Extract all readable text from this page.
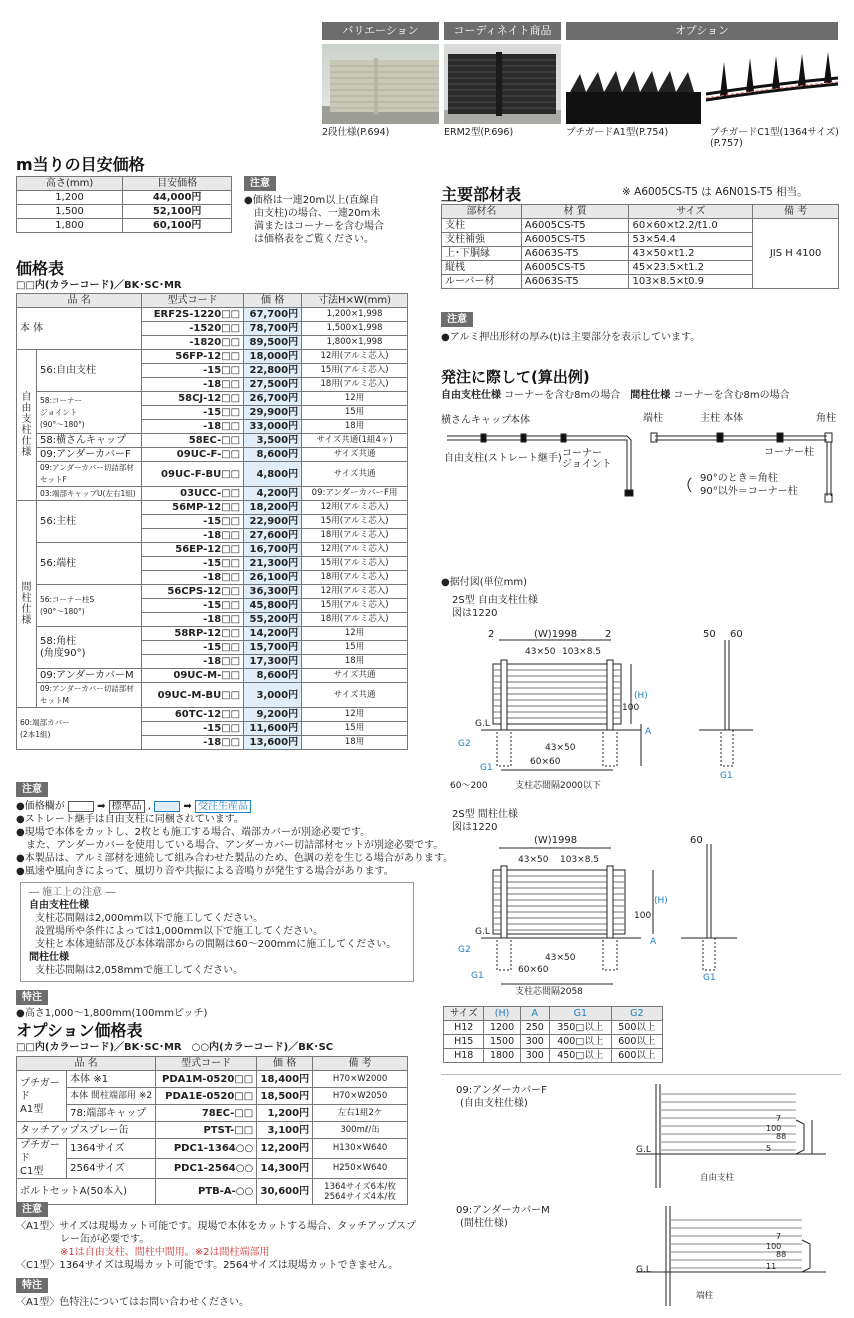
バリエーション	コーディネイト商品	オプション
2段仕様(P.694)	ERM2型(P.696)	プチガードA1型(P.754)	プチガードC1型(1364サイズ)
(P.757)
m当りの目安価格
高さ(mm)	目安価格
1,200	44,000円
1,500	52,100円
1,800	60,100円
注意

●価格は一連20m以上(直線自

由支柱)の場合、一連20m未

満またはコーナーを含む場合

は価格表をご覧ください。

価格表
□□内(カラーコード)／BK･SC･MR
品 名		型式コード	価 格	寸法H×W(mm)
本 体		ERF2S-1220□□	67,700円	1,200×1,998
		-1520□□	78,700円	1,500×1,998
		-1820□□	89,500円	1,800×1,998
自由支柱仕様	56:自由支柱	56FP-12□□	18,000円	12用(アルミ芯入)
		-15□□	22,800円	15用(アルミ芯入)
		-18□□	27,500円	18用(アルミ芯入)
	58:コーナー
ジョイント
(90°～180°)	58CJ-12□□	26,700円	12用
		-15□□	29,900円	15用
		-18□□	33,000円	18用
	58:横さんキャップ	58EC-□□	3,500円	サイズ共通(1組4ヶ)
	09:アンダーカバーF	09UC-F-□□	8,600円	サイズ共通
	09:アンダーカバー切詰部材セットF	09UC-F-BU□□	4,800円	サイズ共通
	03:端部キャップU(左右1組)	03UCC-□□	4,200円	09:アンダーカバーF用
間柱仕様	56:主柱	56MP-12□□	18,200円	12用(アルミ芯入)
		-15□□	22,900円	15用(アルミ芯入)
		-18□□	27,600円	18用(アルミ芯入)
	56:端柱	56EP-12□□	16,700円	12用(アルミ芯入)
		-15□□	21,300円	15用(アルミ芯入)
		-18□□	26,100円	18用(アルミ芯入)
	56:コーナー柱S
(90°～180°)	56CPS-12□□	36,300円	12用(アルミ芯入)
		-15□□	45,800円	15用(アルミ芯入)
		-18□□	55,200円	18用(アルミ芯入)
	58:角柱
(角度90°)	58RP-12□□	14,200円	12用
		-15□□	15,700円	15用
		-18□□	17,300円	18用
	09:アンダーカバーM	09UC-M-□□	8,600円	サイズ共通
	09:アンダーカバー切詰部材セットM	09UC-M-BU□□	3,000円	サイズ共通
60:端部カバー
(2本1組)		60TC-12□□	9,200円	12用
		-15□□	11,600円	15用
		-18□□	13,600円	18用
注意

●価格欄が	➡ 標準品 ,	➡ 受注生産品

●ストレート継手は自由支柱に同梱されています。

●現場で本体をカットし、2枚とも施工する場合、端部カバーが別途必要です。

また、アンダーカバーを使用している場合、アンダーカバー切詰部材セットが別途必要です。

●本製品は、アルミ部材を連続して組み合わせた製品のため、色調の差を生じる場合があります。

●風速や風向きによって、風切り音や共振による音鳴りが発生する場合があります。

― 施工上の注意 ―

自由支柱仕様

支柱芯間隔は2,000mm以下で施工してください。

設置場所や条件によっては1,000mm以下で施工してください。

支柱と本体連結部及び本体端部からの間隔は60～200mmに施工してください。

間柱仕様

支柱芯間隔は2,058mmで施工してください。

特注
●高さ1,000～1,800mm(100mmピッチ)
オプション価格表
□□内(カラーコード)／BK･SC･MR　○○内(カラーコード)／BK･SC
品 名		型式コード	価 格	備 考
プチガード
A1型	本体 ※1	PDA1M-0520□□	18,400円	H70×W2000
	本体 間柱端部用 ※2	PDA1E-0520□□	18,500円	H70×W2050
	78:端部キャップ	78EC-□□	1,200円	左右1組2ケ
タッチアップスプレー缶		PTST-□□	3,100円	300mℓ/缶
プチガード
C1型	1364サイズ	PDC1-1364○○	12,200円	H130×W640
	2564サイズ	PDC1-2564○○	14,300円	H250×W640
ボルトセットA(50本入)		PTB-A-○○	30,600円	1364サイズ6本/枚
2564サイズ4本/枚
注意

〈A1型〉サイズは現場カット可能です。現場で本体をカットする場合、タッチアップスプ

レー缶が必要です。

※1は自由支柱、間柱中間用。※2は間柱端部用

〈C1型〉1364サイズは現場カット可能です。2564サイズは現場カットできません。

特注
〈A1型〉色特注についてはお問い合わせください。
主要部材表	※ A6005CS-T5 は A6N01S-T5 相当。
部材名	材 質	サイズ	備 考
支柱	A6005CS-T5	60×60×t2.2/t1.0	JIS H 4100
支柱補強	A6005CS-T5	53×54.4	
上･下胴縁	A6063S-T5	43×50×t1.2	
縦桟	A6005CS-T5	45×23.5×t1.2	
ルーバー材	A6063S-T5	103×8.5×t0.9	
注意
●アルミ押出形材の厚み(t)は主要部分を表示しています。
発注に際して(算出例)
自由支柱仕様 コーナーを含む8mの場合　 間柱仕様 コーナーを含む8mの場合
横さんキャップ 本体
自由支柱(ストレート継手) コーナー
ジョイント
端柱	主柱 本体	角柱
コーナー柱

90°のとき＝角柱

90°以外＝コーナー柱

●据付図(単位mm)
2S型 自由支柱仕様
図は1220
2	(W)1998	2
43×50 103×8.5
(H)
100
A
G.L
G2	43×50
60×60
G1
支柱芯間隔2000以下
60～200
50 60
G1
2S型 間柱仕様
図は1220
(W)1998
43×50 103×8.5
(H)
100
A
G.L
G2
43×50
60×60
G1
支柱芯間隔2058
60
G1
サイズ	(H)	A	G1	G2
H12	1200	250	350□以上	500以上
H15	1500	300	400□以上	600以上
H18	1800	300	450□以上	600以上
09:アンダーカバーF
(自由支柱仕様)
G.L
自由支柱
100
88
5
7
09:アンダーカバーM
(間柱仕様)
G.L
端柱
100
88
11
7
